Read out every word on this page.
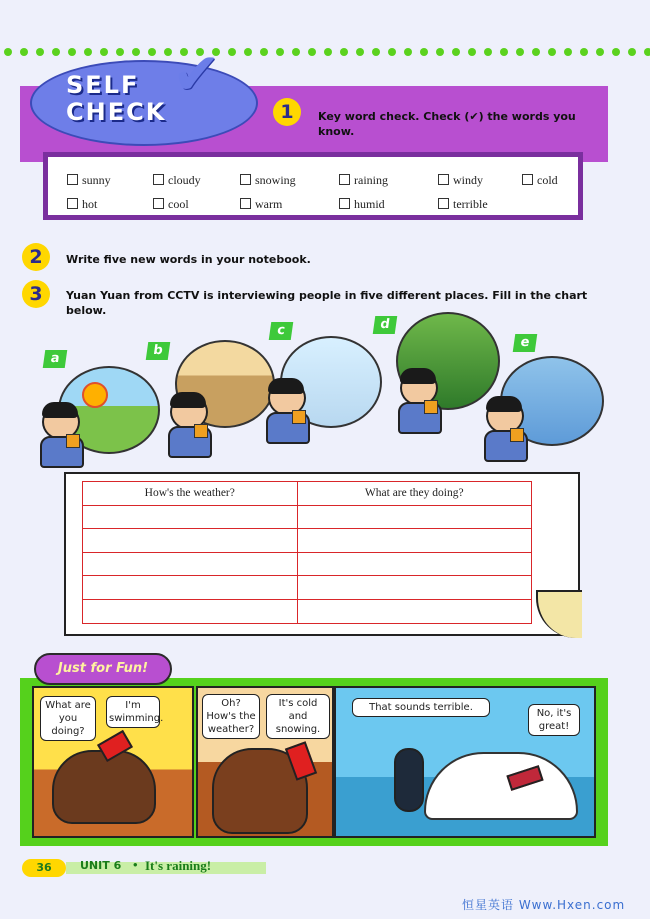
✔
SELF
CHECK	1	Key word check. Check (✔) the words you know.
sunny	cloudy	snowing	raining	windy	cold
hot	cool	warm	humid	terrible
2	Write five new words in your notebook.
3	Yuan Yuan from CCTV is interviewing people in five different places. Fill in the chart below.
a
b
c	d
e
How's the weather?	What are they doing?

Just for Fun!
What are you doing?
I'm swimming.
Oh? How's the weather?
It's cold and snowing.
That sounds terrible.
No, it's great!
36	UNIT 6 • It's raining!
恒星英语 Www.Hxen.com
